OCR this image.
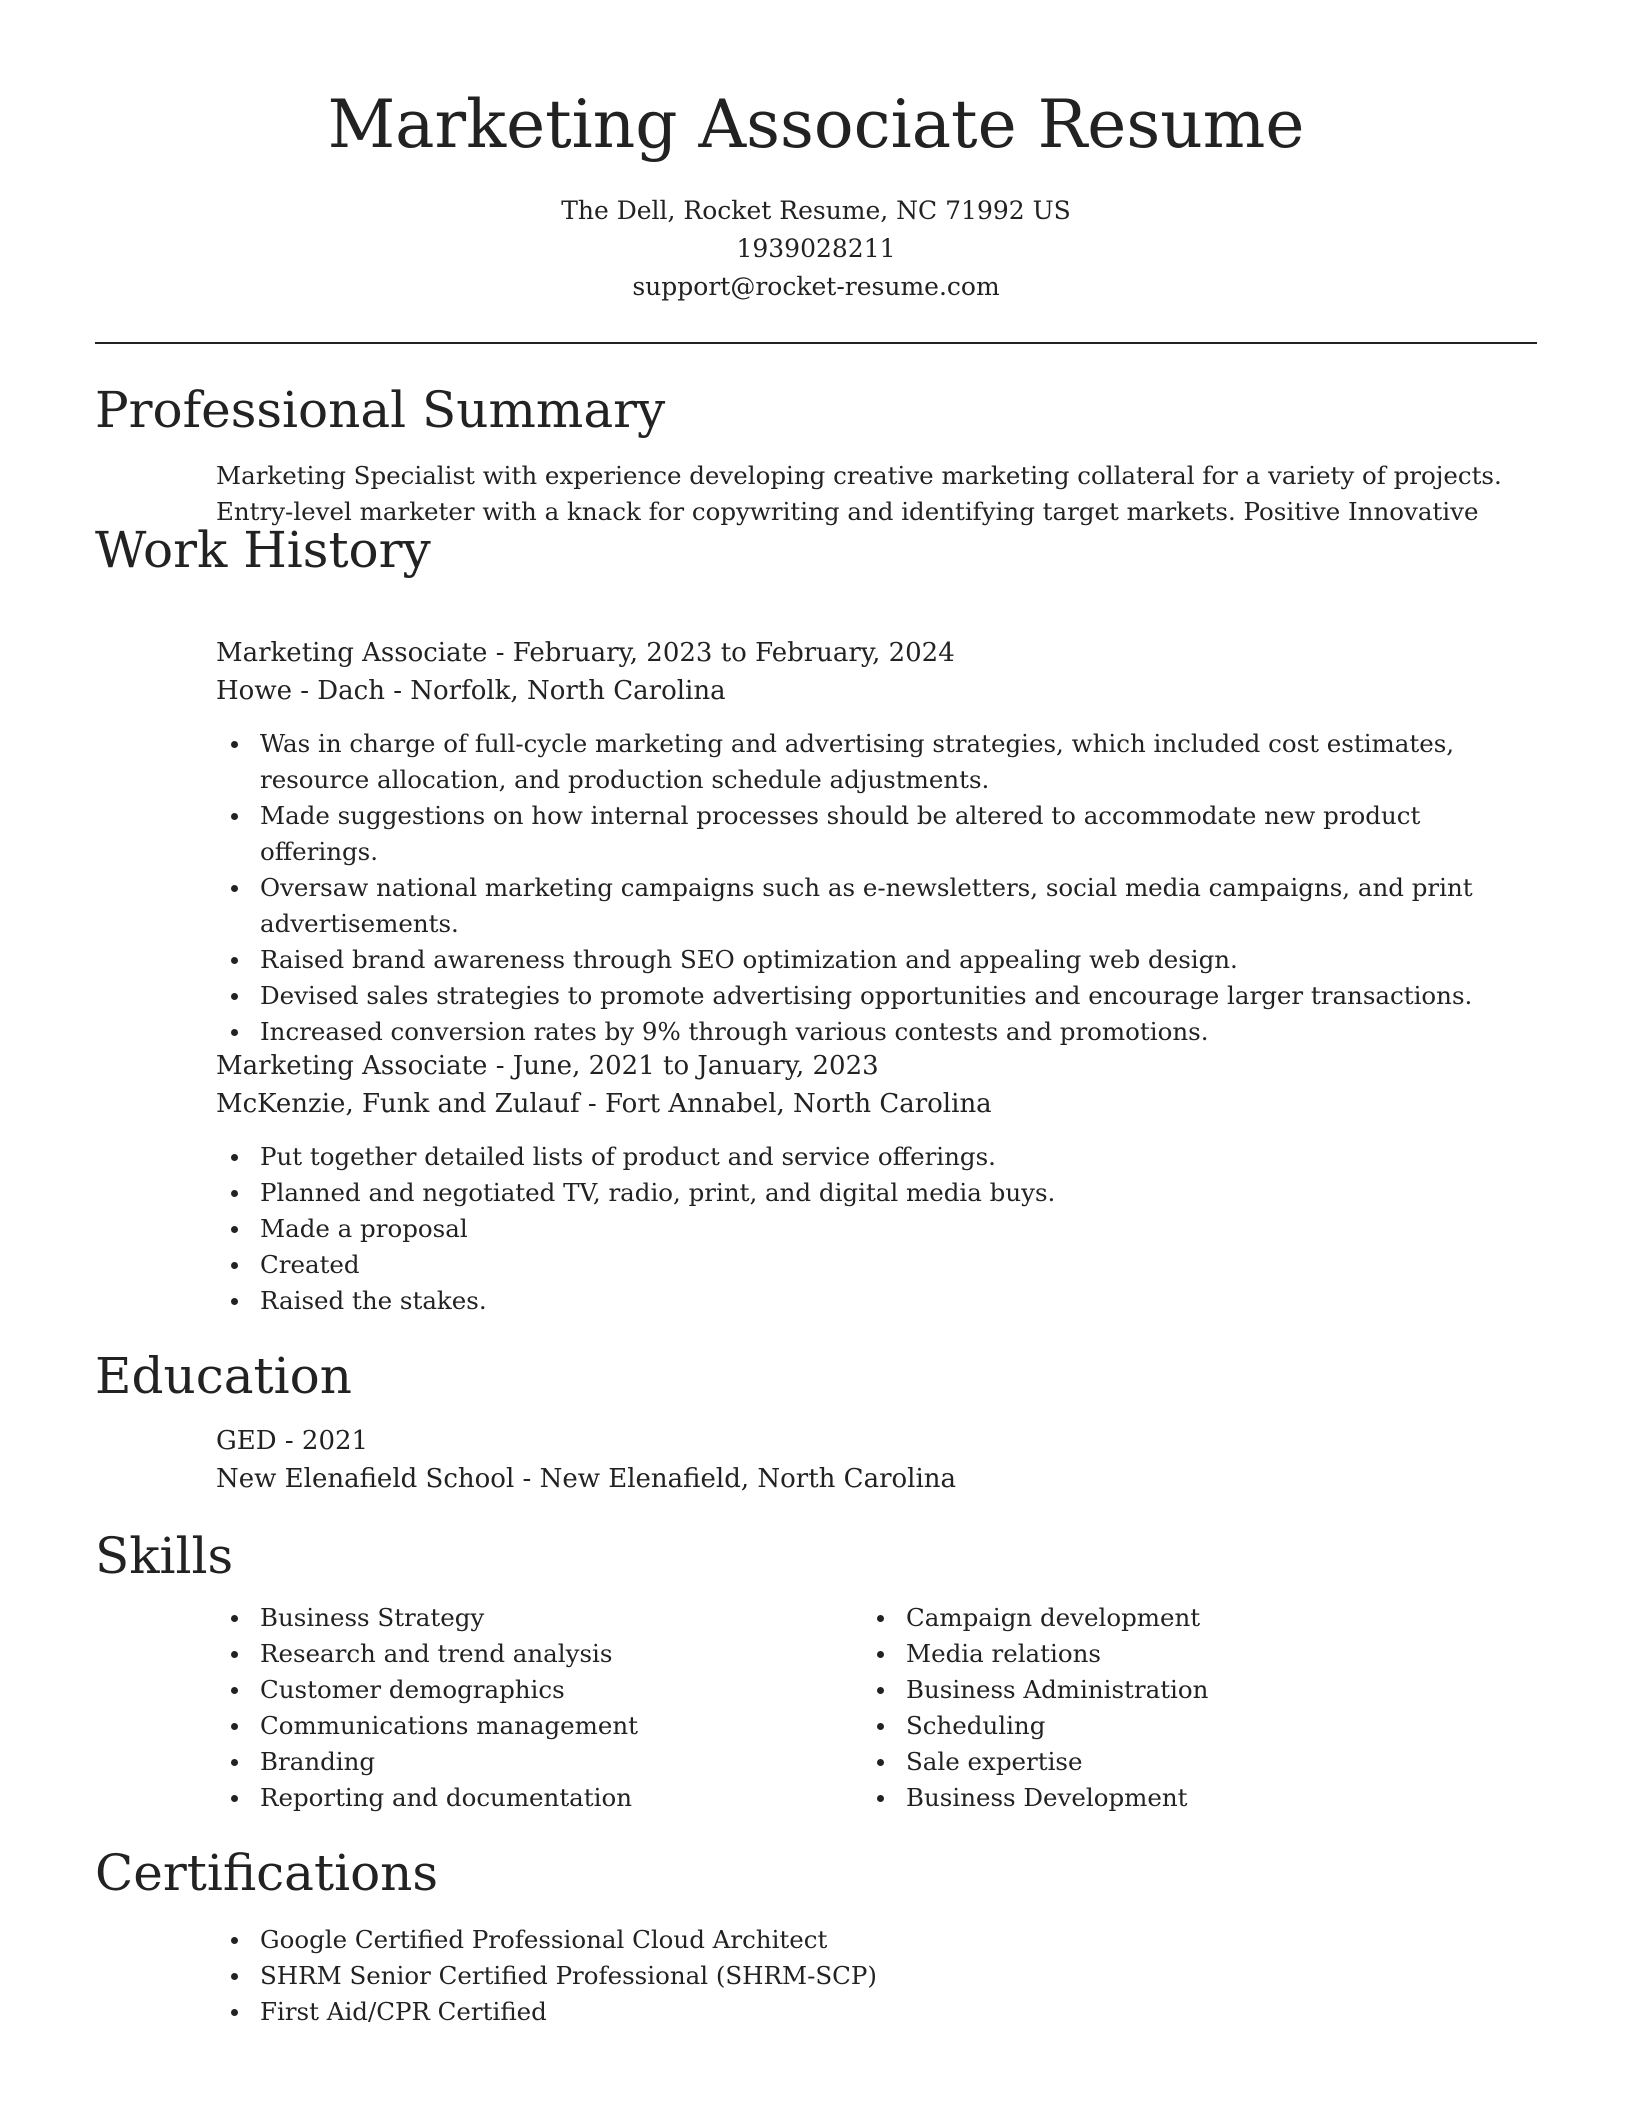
Marketing Associate Resume
The Dell, Rocket Resume, NC 71992 US
1939028211
support@rocket-resume.com
Professional Summary

Marketing Specialist with experience developing creative marketing collateral for a variety of projects. Entry-level marketer with a knack for copywriting and identifying target markets. Positive Innovative

Work History
Marketing Associate - February, 2023 to February, 2024
Howe - Dach - Norfolk, North Carolina
Was in charge of full-cycle marketing and advertising strategies, which included cost estimates, resource allocation, and production schedule adjustments.
Made suggestions on how internal processes should be altered to accommodate new product offerings.
Oversaw national marketing campaigns such as e-newsletters, social media campaigns, and print advertisements.
Raised brand awareness through SEO optimization and appealing web design.
Devised sales strategies to promote advertising opportunities and encourage larger transactions.
Increased conversion rates by 9% through various contests and promotions.
Marketing Associate - June, 2021 to January, 2023
McKenzie, Funk and Zulauf - Fort Annabel, North Carolina
Put together detailed lists of product and service offerings.
Planned and negotiated TV, radio, print, and digital media buys.
Made a proposal
Created
Raised the stakes.
Education
GED - 2021
New Elenafield School - New Elenafield, North Carolina
Skills
Business Strategy
Research and trend analysis
Customer demographics
Communications management
Branding
Reporting and documentation
Campaign development
Media relations
Business Administration
Scheduling
Sale expertise
Business Development
Certifications
Google Certified Professional Cloud Architect
SHRM Senior Certified Professional (SHRM-SCP)
First Aid/CPR Certified
